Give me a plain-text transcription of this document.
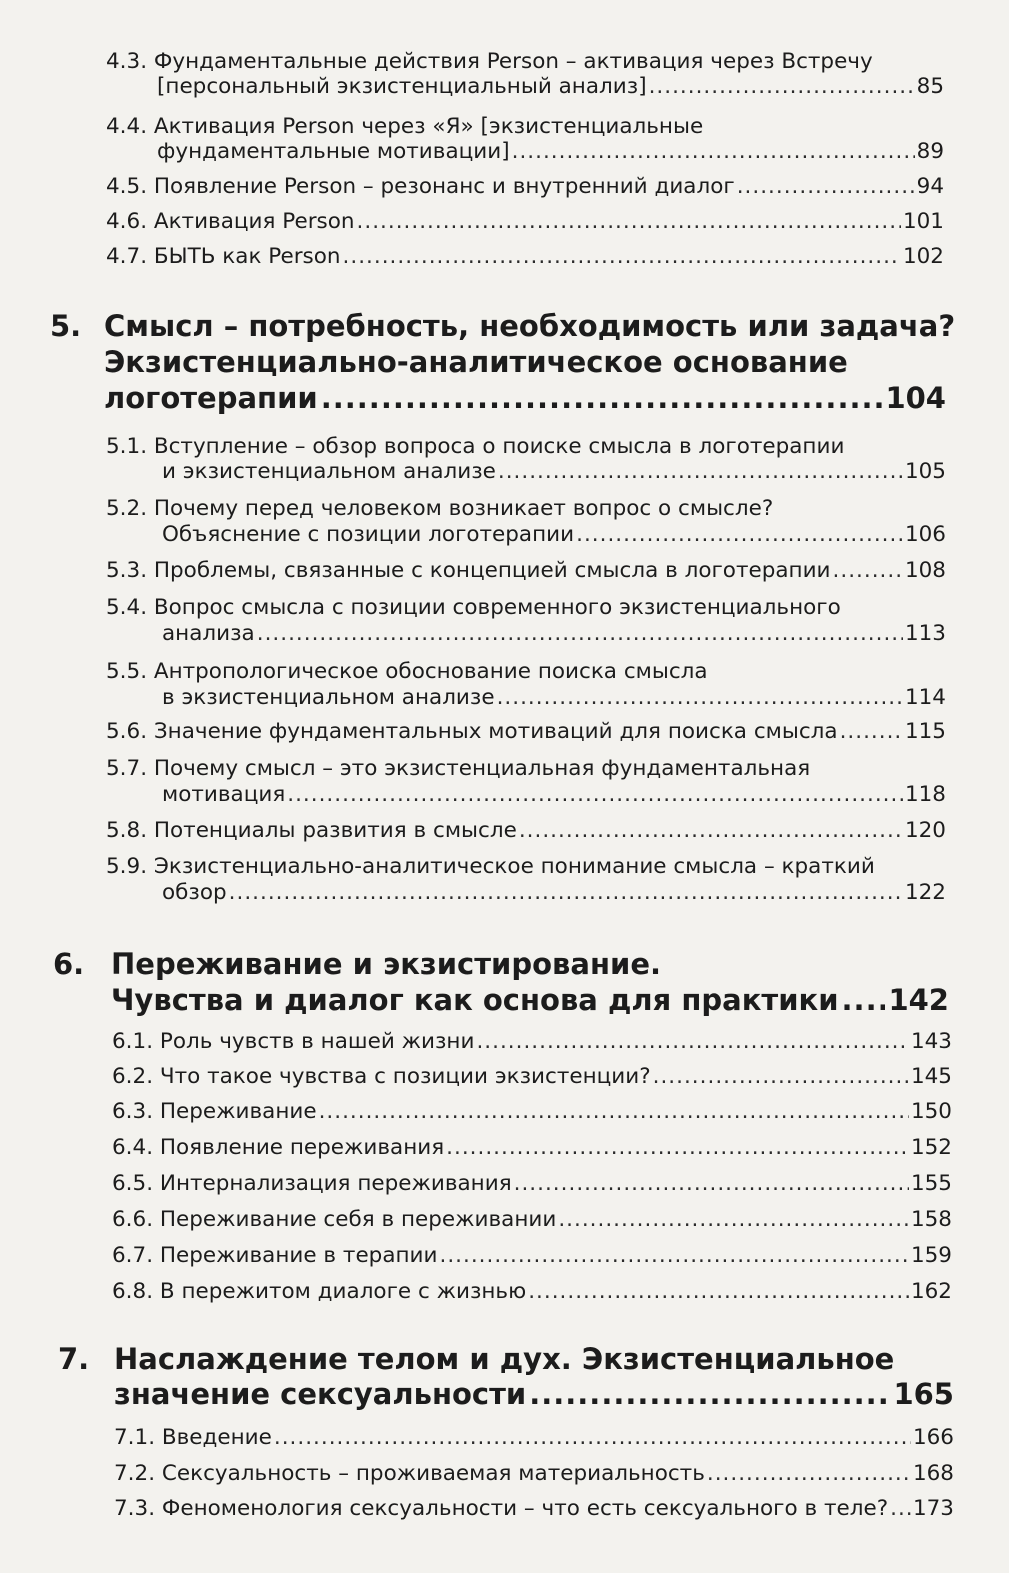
4.3. Фундаментальные действия Person – активация через Встречу
[персональный экзистенциальный анализ] .....	85
4.4. Активация Person через «Я» [экзистенциальные
фундаментальные мотивации] .....	89
4.5. Появление Person – резонанс и внутренний диалог .....	94
4.6. Активация Person .....	101
4.7. БЫТЬ как Person .....	102
5. Смысл – потребность, необходимость или задача?
Экзистенциально-аналитическое основание
логотерапии .....	104
5.1. Вступление – обзор вопроса о поиске смысла в логотерапии
и экзистенциальном анализе .....	105
5.2. Почему перед человеком возникает вопрос о смысле?
Объяснение с позиции логотерапии .....	106
5.3. Проблемы, связанные с концепцией смысла в логотерапии .....	108
5.4. Вопрос смысла с позиции современного экзистенциального
анализа .....	113
5.5. Антропологическое обоснование поиска смысла
в экзистенциальном анализе .....	114
5.6. Значение фундаментальных мотиваций для поиска смысла .....	115
5.7. Почему смысл – это экзистенциальная фундаментальная
мотивация .....	118
5.8. Потенциалы развития в смысле .....	120
5.9. Экзистенциально-аналитическое понимание смысла – краткий
обзор .....	122
6. Переживание и экзистирование.
Чувства и диалог как основа для практики ..... 142
6.1. Роль чувств в нашей жизни .....	143
6.2. Что такое чувства с позиции экзистенции? .....	145
6.3. Переживание .....	150
6.4. Появление переживания .....	152
6.5. Интернализация переживания .....	155
6.6. Переживание себя в переживании .....	158
6.7. Переживание в терапии .....	159
6.8. В пережитом диалоге с жизнью .....	162
7. Наслаждение телом и дух. Экзистенциальное
значение сексуальности .....	165
7.1. Введение .....	166
7.2. Сексуальность – проживаемая материальность .....	168
7.3. Феноменология сексуальности – что есть сексуального в теле? ..... 173
